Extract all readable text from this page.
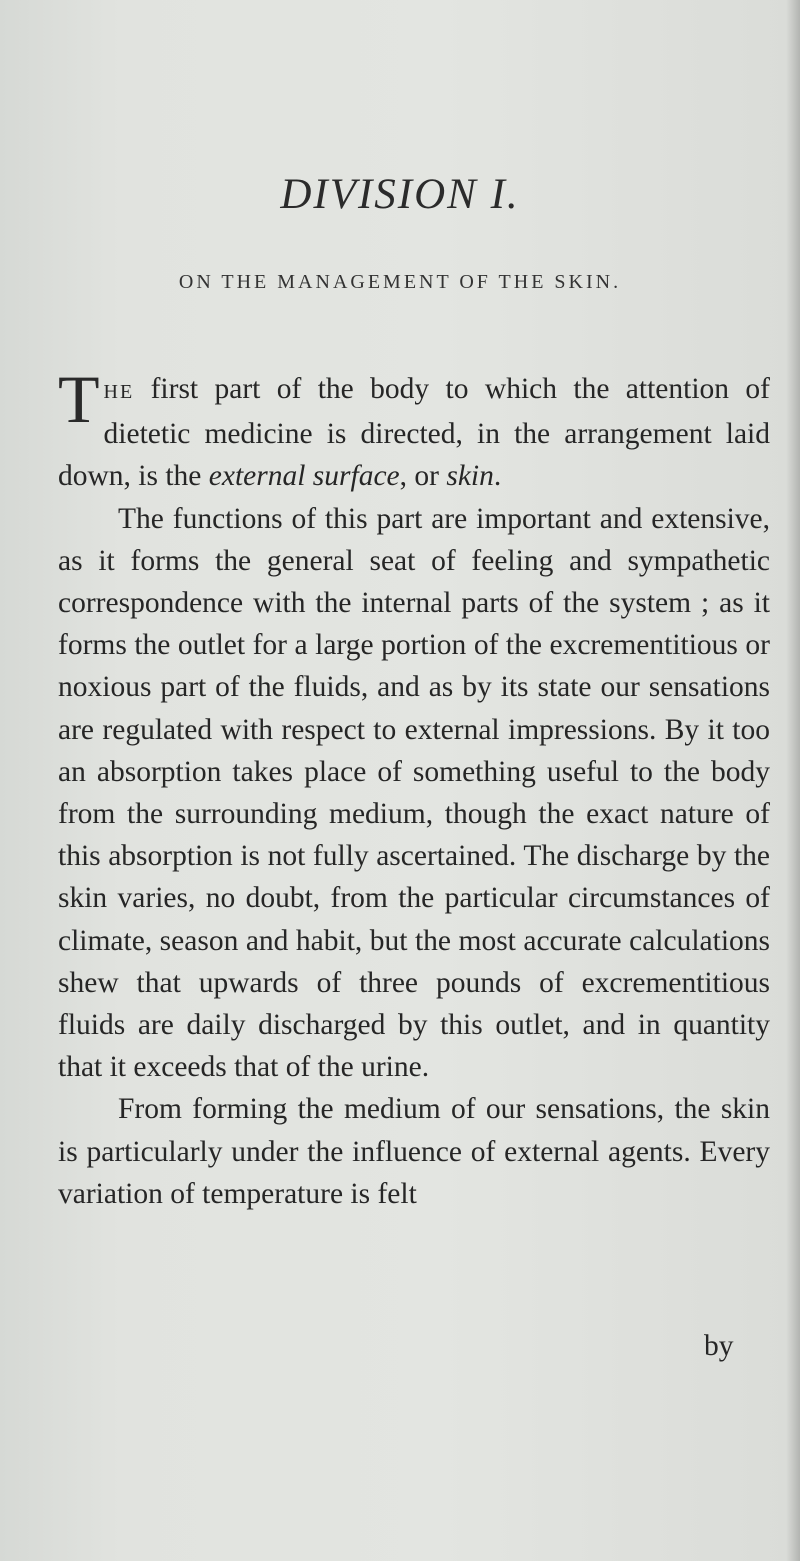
DIVISION I.
ON THE MANAGEMENT OF THE SKIN.

THE first part of the body to which the attention of dietetic medicine is directed, in the arrangement laid down, is the external surface, or skin.

The functions of this part are important and extensive, as it forms the general seat of feeling and sympathetic correspondence with the internal parts of the system ; as it forms the outlet for a large portion of the excrementitious or noxious part of the fluids, and as by its state our sensations are regulated with respect to external impressions. By it too an absorption takes place of something useful to the body from the surrounding medium, though the exact nature of this absorption is not fully ascertained. The discharge by the skin varies, no doubt, from the particular circumstances of climate, season and habit, but the most accurate calculations shew that upwards of three pounds of excrementitious fluids are daily discharged by this outlet, and in quantity that it exceeds that of the urine.

From forming the medium of our sensations, the skin is particularly under the influence of external agents. Every variation of temperature is felt

by
